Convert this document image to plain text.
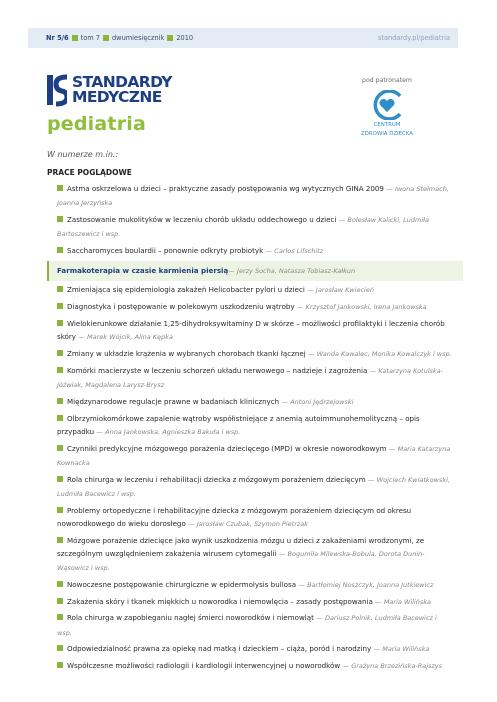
Nr 5/6 tom 7 dwumiesięcznik 2010	standardy.pl/pediatria
STANDARDY
MEDYCZNE
pediatria
pod patronatem
CENTRUM
ZDROWIA DZIECKA
W numerze m.in.:
PRACE POGLĄDOWE
Astma oskrzelowa u dzieci – praktyczne zasady postępowania wg wytycznych GINA 2009 — Iwona Stelmach, Joanna Jerzyńska
Zastosowanie mukolityków w leczeniu chorób układu oddechowego u dzieci — Bolesław Kalicki, Ludmiła Bartoszewicz i wsp.
Saccharomyces boulardii – ponownie odkryty probiotyk — Carlos Lifschitz
Farmakoterapia w czasie karmienia piersią— Jerzy Socha, Natasza Tobiasz-Kałkun
Zmieniająca się epidemiologia zakażeń Helicobacter pylori u dzieci — Jarosław Kwiecień
Diagnostyka i postępowanie w polekowym uszkodzeniu wątroby — Krzysztof Jankowski, Irena Jankowska
Wielokierunkowe działanie 1,25-dihydroksywitaminy D w skórze – możliwości profilaktyki i leczenia chorób skóry — Marek Wójcik, Alina Kępka
Zmiany w układzie krążenia w wybranych chorobach tkanki łącznej — Wanda Kawalec, Monika Kowalczyk i wsp.
Komórki macierzyste w leczeniu schorzeń układu nerwowego – nadzieje i zagrożenia — Katarzyna Kotulska-Jóźwiak, Magdalena Larysz-Brysz
Międzynarodowe regulacje prawne w badaniach klinicznych — Antoni Jędrzejowski
Olbrzymiokomórkowe zapalenie wątroby współistniejące z anemią autoimmunohemolityczną – opis przypadku — Anna Jankowska, Agnieszka Bakuła i wsp.
Czynniki predykcyjne mózgowego porażenia dziecięcego (MPD) w okresie noworodkowym — Maria Katarzyna Kownacka
Rola chirurga w leczeniu i rehabilitacji dziecka z mózgowym porażeniem dziecięcym — Wojciech Kwiatkowski, Ludmiła Bacewicz i wsp.
Problemy ortopedyczne i rehabilitacyjne dziecka z mózgowym porażeniem dziecięcym od okresu noworodkowego do wieku dorosłego — Jarosław Czubak, Szymon Pietrzak
Mózgowe porażenie dziecięce jako wynik uszkodzenia mózgu u dzieci z zakażeniami wrodzonymi, ze szczególnym uwzględnieniem zakażenia wirusem cytomegalii — Bogumiła Milewska-Bobula, Dorota Dunin-Wąsowicz i wsp.
Nowoczesne postępowanie chirurgiczne w epidermolysis bullosa — Bartłomiej Noszczyk, Joanna Jutkiewicz
Zakażenia skóry i tkanek miękkich u noworodka i niemowlęcia – zasady postępowania — Maria Wilińska
Rola chirurga w zapobieganiu nagłej śmierci noworodków i niemowląt — Dariusz Polnik, Ludmiła Bacewicz i wsp.
Odpowiedzialność prawna za opiekę nad matką i dzieckiem – ciąża, poród i narodziny — Maria Wilińska
Współczesne możliwości radiologii i kardiologii interwencyjnej u noworodków — Grażyna Brzezińska-Rajszys
